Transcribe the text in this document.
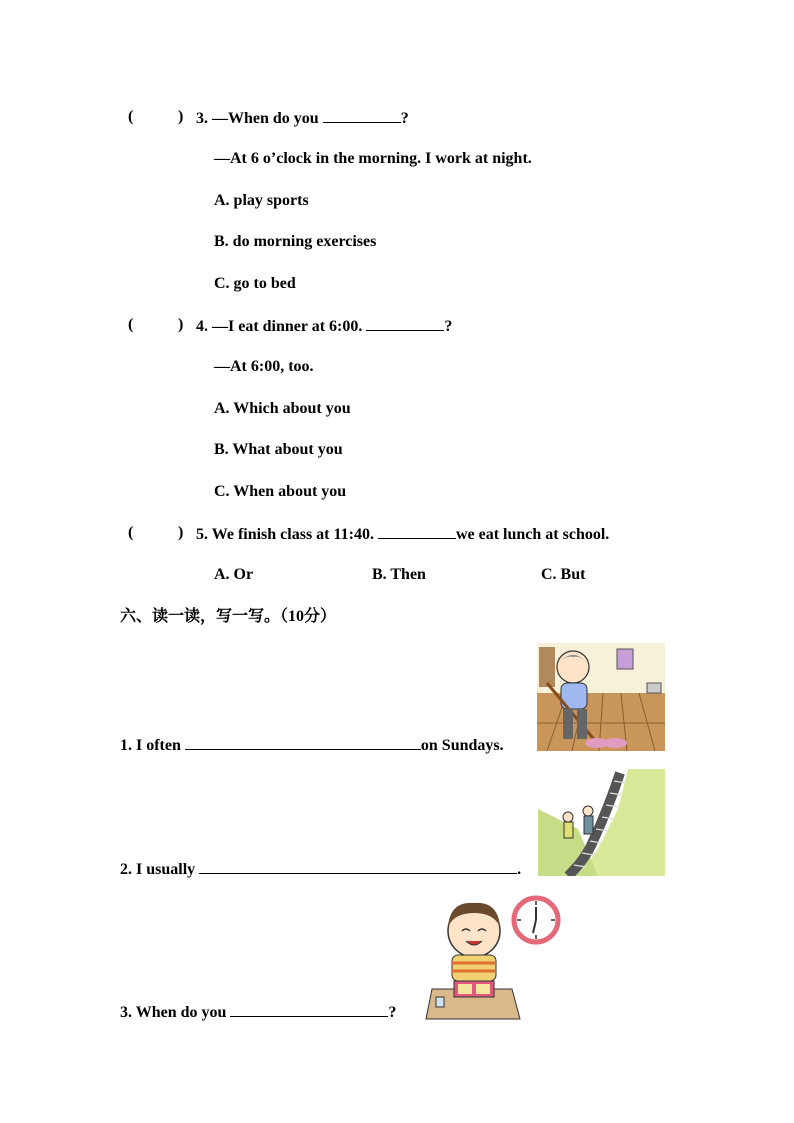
(	) 3. —When do you	?
—At 6 o’clock in the morning. I work at night.
A. play sports
B. do morning exercises
C. go to bed
(	) 4. —I eat dinner at 6:00.	?
—At 6:00, too.
A. Which about you
B. What about you
C. When about you
(	) 5. We finish class at 11:40.	we eat lunch at school.
A. Or	B. Then	C. But
六、读一读，写一写。（10分）
1. I often	on Sundays.
2. I usually	.
3. When do you	?
